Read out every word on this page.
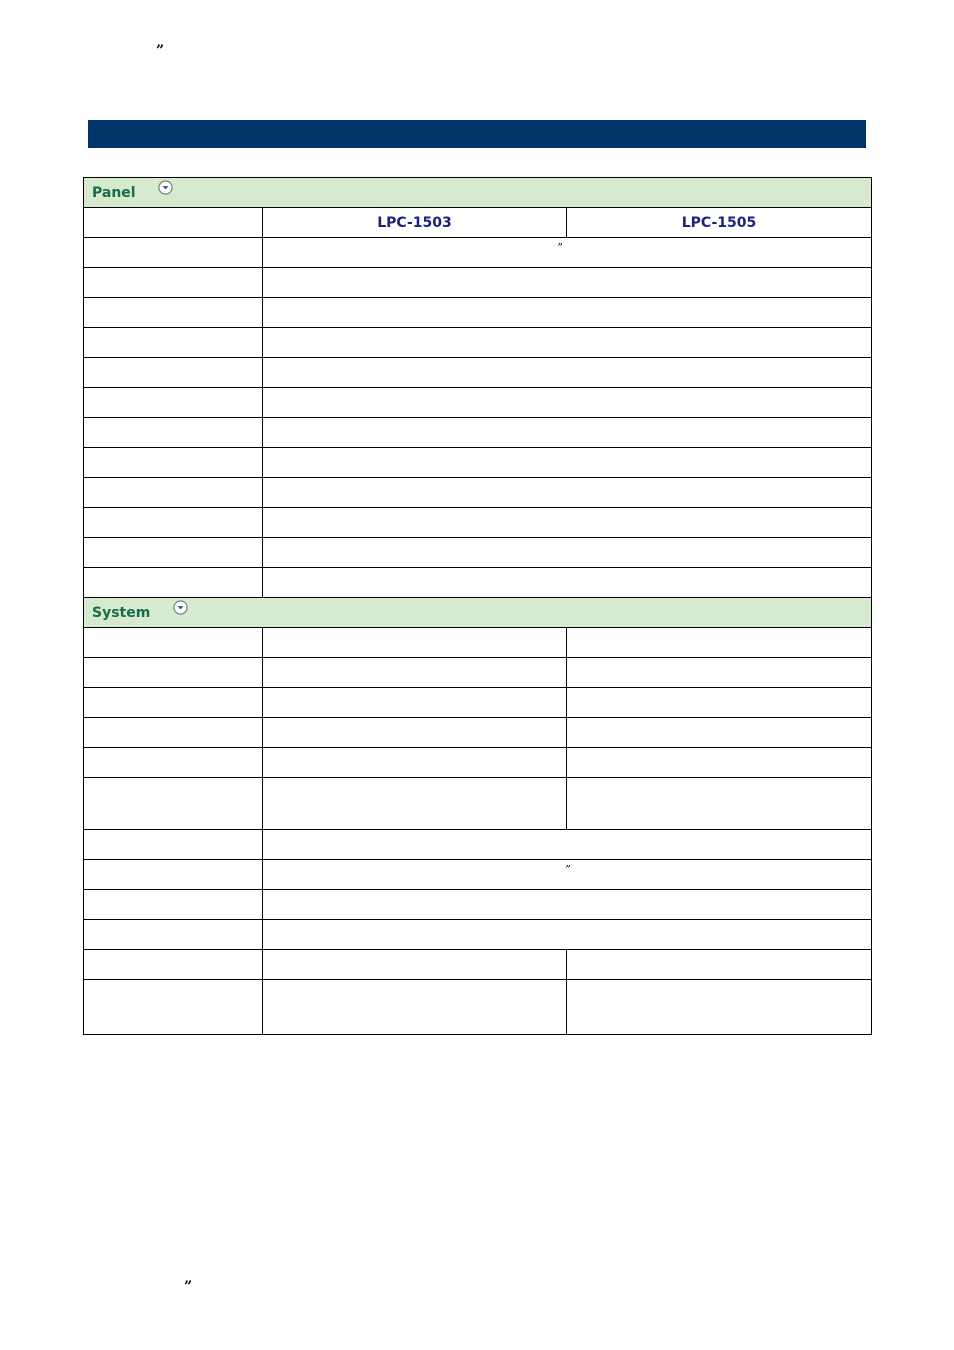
”
Panel		
	LPC-1503	LPC-1505
	”

System		

	”

”
